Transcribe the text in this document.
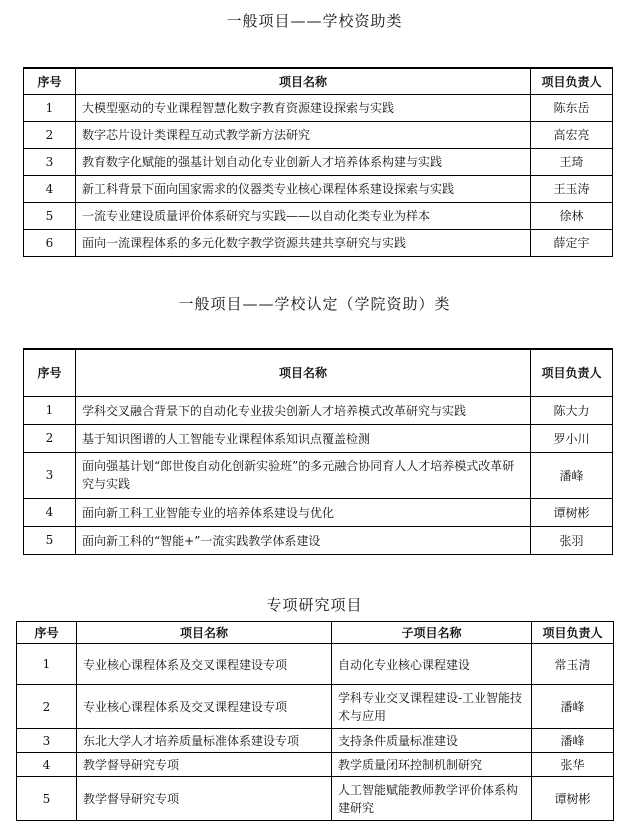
一般项目——学校资助类
序号	项目名称	项目负责人
1	大模型驱动的专业课程智慧化数字教育资源建设探索与实践	陈东岳
2	数字芯片设计类课程互动式教学新方法研究	高宏亮
3	教育数字化赋能的强基计划自动化专业创新人才培养体系构建与实践	王琦
4	新工科背景下面向国家需求的仪器类专业核心课程体系建设探索与实践	王玉涛
5	一流专业建设质量评价体系研究与实践——以自动化类专业为样本	徐林
6	面向一流课程体系的多元化数字教学资源共建共享研究与实践	薛定宇
一般项目——学校认定（学院资助）类
序号	项目名称	项目负责人
1	学科交叉融合背景下的自动化专业拔尖创新人才培养模式改革研究与实践	陈大力
2	基于知识图谱的人工智能专业课程体系知识点覆盖检测	罗小川
3	面向强基计划“郎世俊自动化创新实验班”的多元融合协同育人人才培养模式改革研究与实践	潘峰
4	面向新工科工业智能专业的培养体系建设与优化	谭树彬
5	面向新工科的“智能+”一流实践教学体系建设	张羽
专项研究项目
序号	项目名称	子项目名称	项目负责人
1	专业核心课程体系及交叉课程建设专项	自动化专业核心课程建设	常玉清
2	专业核心课程体系及交叉课程建设专项	学科专业交叉课程建设-工业智能技术与应用	潘峰
3	东北大学人才培养质量标准体系建设专项	支持条件质量标准建设	潘峰
4	教学督导研究专项	教学质量闭环控制机制研究	张华
5	教学督导研究专项	人工智能赋能教师教学评价体系构建研究	谭树彬
